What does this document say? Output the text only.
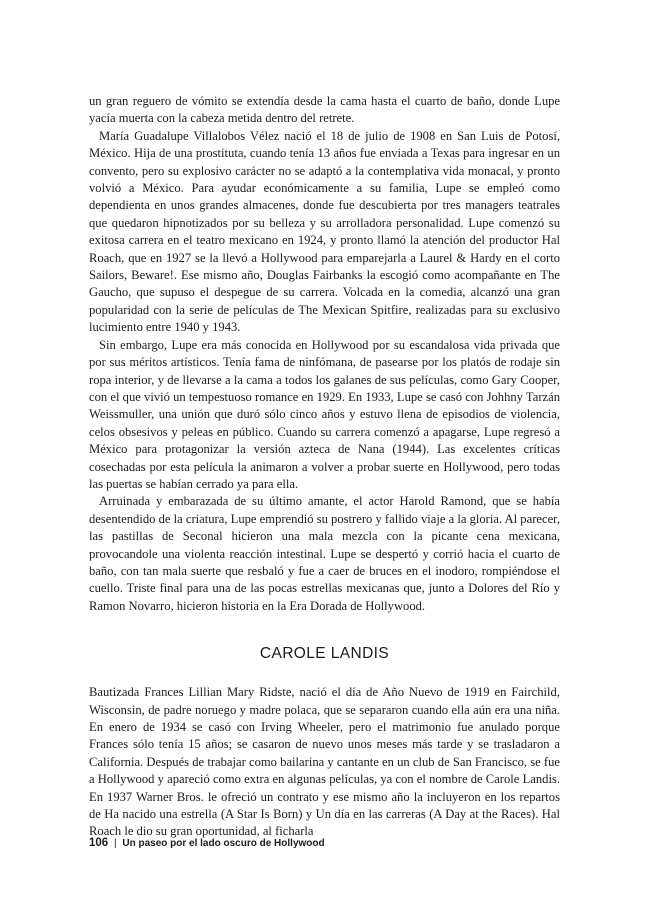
un gran reguero de vómito se extendía desde la cama hasta el cuarto de baño, donde Lupe yacía muerta con la cabeza metida dentro del retrete.

María Guadalupe Villalobos Vélez nació el 18 de julio de 1908 en San Luis de Potosí, México. Hija de una prostituta, cuando tenía 13 años fue enviada a Texas para ingresar en un convento, pero su explosivo carácter no se adaptó a la contemplativa vida monacal, y pronto volvió a México. Para ayudar económicamente a su familia, Lupe se empleó como dependienta en unos grandes almacenes, donde fue descubierta por tres managers teatrales que quedaron hipnotizados por su belleza y su arrolladora personalidad. Lupe comenzó su exitosa carrera en el teatro mexicano en 1924, y pronto llamó la atención del productor Hal Roach, que en 1927 se la llevó a Hollywood para emparejarla a Laurel & Hardy en el corto Sailors, Beware!. Ese mismo año, Douglas Fairbanks la escogió como acompañante en The Gaucho, que supuso el despegue de su carrera. Volcada en la comedia, alcanzó una gran popularidad con la serie de películas de The Mexican Spitfire, realizadas para su exclusivo lucimiento entre 1940 y 1943.

Sin embargo, Lupe era más conocida en Hollywood por su escandalosa vida privada que por sus méritos artísticos. Tenía fama de ninfómana, de pasearse por los platós de rodaje sin ropa interior, y de llevarse a la cama a todos los galanes de sus películas, como Gary Cooper, con el que vivió un tempestuoso romance en 1929. En 1933, Lupe se casó con Johhny Tarzán Weissmuller, una unión que duró sólo cinco años y estuvo llena de episodios de violencia, celos obsesivos y peleas en público. Cuando su carrera comenzó a apagarse, Lupe regresó a México para protagonizar la versión azteca de Nana (1944). Las excelentes críticas cosechadas por esta película la animaron a volver a probar suerte en Hollywood, pero todas las puertas se habían cerrado ya para ella.

Arruinada y embarazada de su último amante, el actor Harold Ramond, que se había desentendido de la criatura, Lupe emprendió su postrero y fallido viaje a la gloria. Al parecer, las pastillas de Seconal hicieron una mala mezcla con la picante cena mexicana, provocandole una violenta reacción intestinal. Lupe se despertó y corrió hacia el cuarto de baño, con tan mala suerte que resbaló y fue a caer de bruces en el inodoro, rompiéndose el cuello. Triste final para una de las pocas estrellas mexicanas que, junto a Dolores del Río y Ramon Novarro, hicieron historia en la Era Dorada de Hollywood.

CAROLE LANDIS

Bautizada Frances Lillian Mary Ridste, nació el día de Año Nuevo de 1919 en Fairchild, Wisconsin, de padre noruego y madre polaca, que se separaron cuando ella aún era una niña. En enero de 1934 se casó con Irving Wheeler, pero el matrimonio fue anulado porque Frances sólo tenía 15 años; se casaron de nuevo unos meses más tarde y se trasladaron a California. Después de trabajar como bailarina y cantante en un club de San Francisco, se fue a Hollywood y apareció como extra en algunas películas, ya con el nombre de Carole Landis. En 1937 Warner Bros. le ofreció un contrato y ese mismo año la incluyeron en los repartos de Ha nacido una estrella (A Star Is Born) y Un día en las carreras (A Day at the Races). Hal Roach le dio su gran oportunidad, al ficharla

106 | Un paseo por el lado oscuro de Hollywood
